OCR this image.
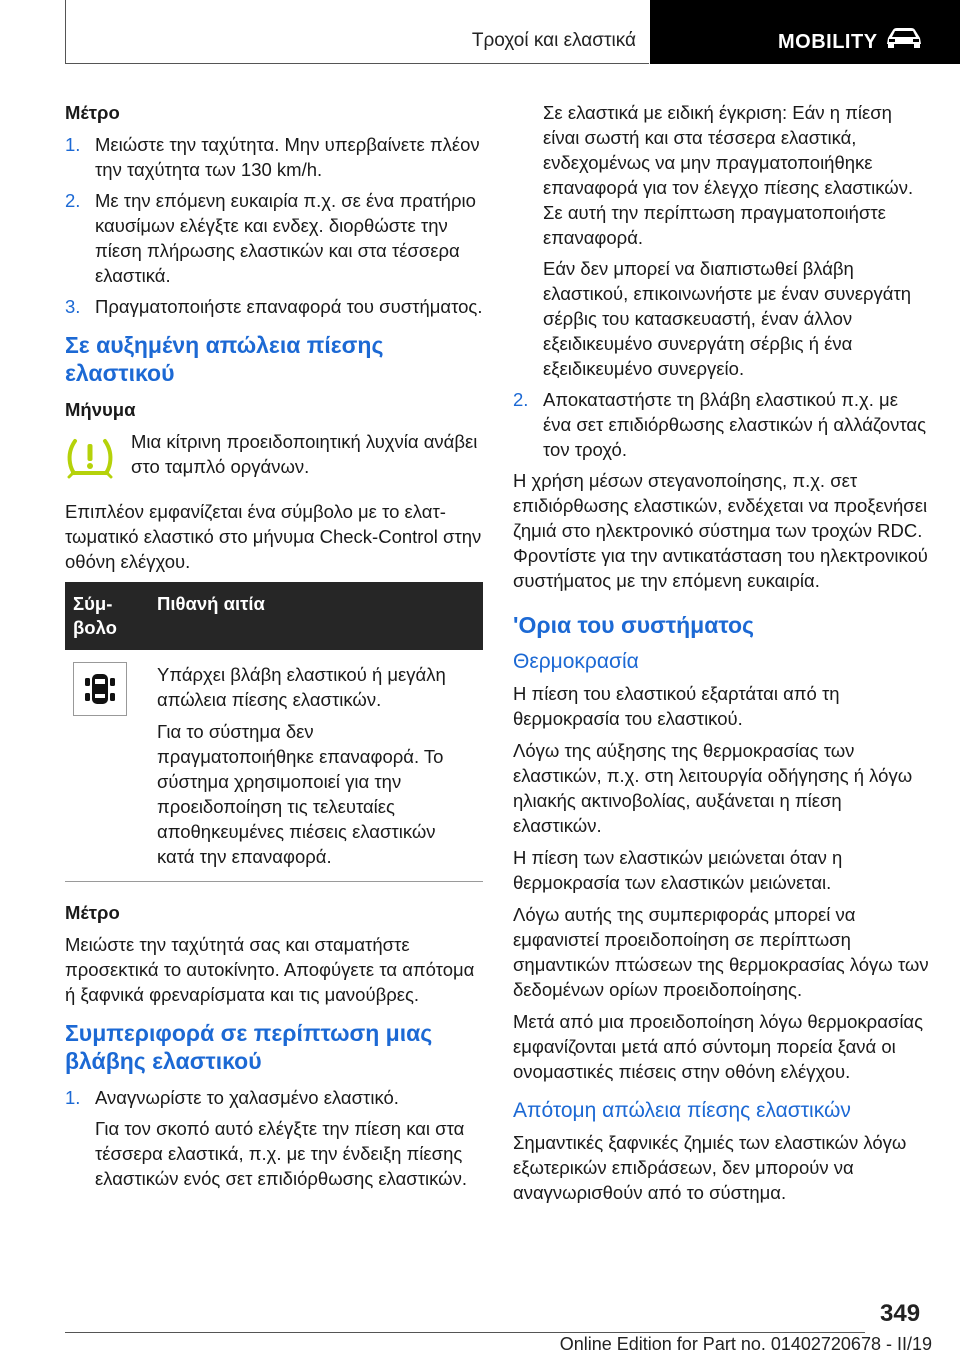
Τροχοί και ελαστικά	MOBILITY
Μέτρο
1. Μειώστε την ταχύτητα. Μην υπερβαίνετε πλέον την ταχύτητα των 130 km/h.
2. Με την επόμενη ευκαιρία π.χ. σε ένα πρατήριο καυσίμων ελέγξτε και ενδεχ. διορθώστε την πίεση πλήρωσης ελαστικών και στα τέσσερα ελαστικά.
3. Πραγματοποιήστε επαναφορά του συστήματος.
Σε αυξημένη απώλεια πίεσης ελαστικού
Μήνυμα
Μια κίτρινη προειδοποιητική λυχνία ανάβει στο ταμπλό οργάνων.

Επιπλέον εμφανίζεται ένα σύμβολο με το ελαττωματικό ελαστικό στο μήνυμα Check-Control στην οθόνη ελέγχου.

Σύμβολο	Πιθανή αιτία

Υπάρχει βλάβη ελαστικού ή μεγάλη απώλεια πίεσης ελαστικών.

Για το σύστημα δεν πραγματοποιήθηκε επαναφορά. Το σύστημα χρησιμοποιεί για την προειδοποίηση τις τελευταίες αποθηκευμένες πιέσεις ελαστικών κατά την επαναφορά.

Μέτρο

Μειώστε την ταχύτητά σας και σταματήστε προσεκτικά το αυτοκίνητο. Αποφύγετε τα απότομα ή ξαφνικά φρεναρίσματα και τις μανούβρες.

Συμπεριφορά σε περίπτωση μιας βλάβης ελαστικού
1. Αναγνωρίστε το χαλασμένο ελαστικό.

Για τον σκοπό αυτό ελέγξτε την πίεση και στα τέσσερα ελαστικά, π.χ. με την ένδειξη πίεσης ελαστικών ενός σετ επιδιόρθωσης ελαστικών.

Σε ελαστικά με ειδική έγκριση: Εάν η πίεση είναι σωστή και στα τέσσερα ελαστικά, ενδεχομένως να μην πραγματοποιήθηκε επαναφορά για τον έλεγχο πίεσης ελαστικών. Σε αυτή την περίπτωση πραγματοποιήστε επαναφορά.

Εάν δεν μπορεί να διαπιστωθεί βλάβη ελαστικού, επικοινωνήστε με έναν συνεργάτη σέρβις του κατασκευαστή, έναν άλλον εξειδικευμένο συνεργάτη σέρβις ή ένα εξειδικευμένο συνεργείο.

2. Αποκαταστήστε τη βλάβη ελαστικού π.χ. με ένα σετ επιδιόρθωσης ελαστικών ή αλλάζοντας τον τροχό.

Η χρήση μέσων στεγανοποίησης, π.χ. σετ επιδιόρθωσης ελαστικών, ενδέχεται να προξενήσει ζημιά στο ηλεκτρονικό σύστημα των τροχών RDC. Φροντίστε για την αντικατάσταση του ηλεκτρονικού συστήματος με την επόμενη ευκαιρία.

'Ορια του συστήματος
Θερμοκρασία

Η πίεση του ελαστικού εξαρτάται από τη θερμοκρασία του ελαστικού.

Λόγω της αύξησης της θερμοκρασίας των ελαστικών, π.χ. στη λειτουργία οδήγησης ή λόγω ηλιακής ακτινοβολίας, αυξάνεται η πίεση ελαστικών.

Η πίεση των ελαστικών μειώνεται όταν η θερμοκρασία των ελαστικών μειώνεται.

Λόγω αυτής της συμπεριφοράς μπορεί να εμφανιστεί προειδοποίηση σε περίπτωση σημαντικών πτώσεων της θερμοκρασίας λόγω των δεδομένων ορίων προειδοποίησης.

Μετά από μια προειδοποίηση λόγω θερμοκρασίας εμφανίζονται μετά από σύντομη πορεία ξανά οι ονομαστικές πιέσεις στην οθόνη ελέγχου.

Απότομη απώλεια πίεσης ελαστικών

Σημαντικές ξαφνικές ζημιές των ελαστικών λόγω εξωτερικών επιδράσεων, δεν μπορούν να αναγνωρισθούν από το σύστημα.

349
Online Edition for Part no. 01402720678 - II/19
